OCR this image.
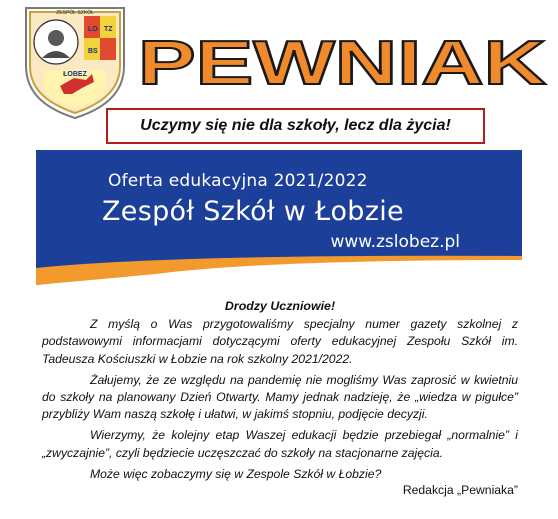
LO
BS
TZ
ZESPÓŁ SZKÓŁ
ŁOBEZ PEWNIAK
Uczymy się nie dla szkoły, lecz dla życia!
Oferta edukacyjna 2021/2022
Zespół Szkół w Łobzie
www.zslobez.pl
Drodzy Uczniowie!

Z myślą o Was przygotowaliśmy specjalny numer gazety szkolnej z podstawowymi informacjami dotyczącymi oferty edukacyjnej Zespołu Szkół im. Tadeusza Kościuszki w Łobzie na rok szkolny 2021/2022.

Żałujemy, że ze względu na pandemię nie mogliśmy Was zaprosić w kwietniu do szkoły na planowany Dzień Otwarty. Mamy jednak nadzieję, że „wiedza w pigułce” przybliży Wam naszą szkołę i ułatwi, w jakimś stopniu, podjęcie decyzji.

Wierzymy, że kolejny etap Waszej edukacji będzie przebiegał „normalnie” i „zwyczajnie”, czyli będziecie uczęszczać do szkoły na stacjonarne zajęcia.

Może więc zobaczymy się w Zespole Szkół w Łobzie?

Redakcja „Pewniaka”
